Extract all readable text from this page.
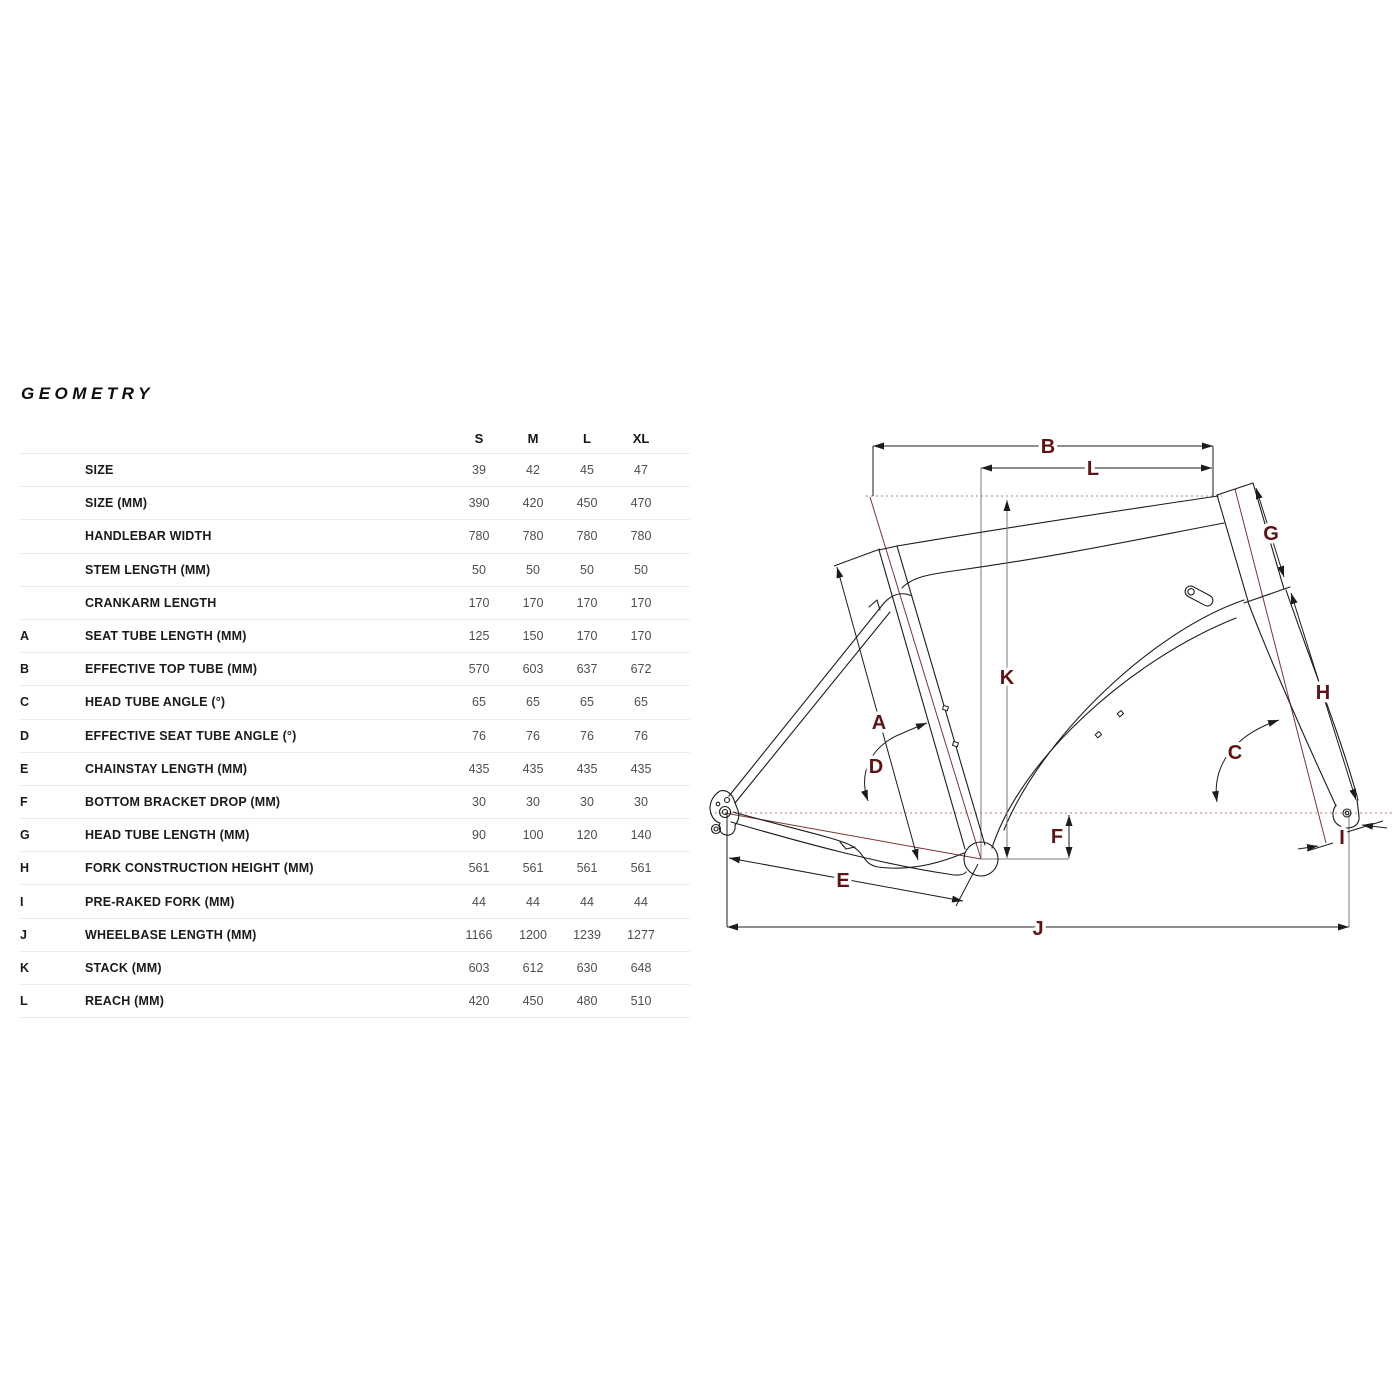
GEOMETRY
S	M	L	XL
SIZE	39	42	45	47
SIZE (MM)	390	420	450	470
HANDLEBAR WIDTH	780	780	780	780
STEM LENGTH (MM)	50	50	50	50
CRANKARM LENGTH	170	170	170	170
A	SEAT TUBE LENGTH (MM)	125	150	170	170
B	EFFECTIVE TOP TUBE (MM)	570	603	637	672
C	HEAD TUBE ANGLE (°)	65	65	65	65
D	EFFECTIVE SEAT TUBE ANGLE (°)	76	76	76	76
E	CHAINSTAY LENGTH (MM)	435	435	435	435
F	BOTTOM BRACKET DROP (MM)	30	30	30	30
G	HEAD TUBE LENGTH (MM)	90	100	120	140
H	FORK CONSTRUCTION HEIGHT (MM)	561	561	561	561
I	PRE-RAKED FORK (MM)	44	44	44	44
J	WHEELBASE LENGTH (MM)	1166	1200	1239	1277
K	STACK (MM)	603	612	630	648
L	REACH (MM)	420	450	480	510
B
L
G
K
H
A
C
D
E
F	I
J
